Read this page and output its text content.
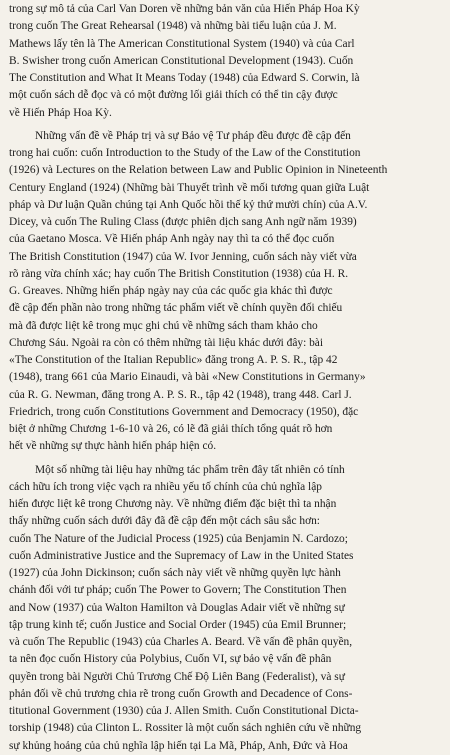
trong sự mô tả của Carl Van Doren về những bản văn của Hiến Pháp Hoa Kỳ
trong cuốn The Great Rehearsal (1948) và những bài tiểu luận của J. M.
Mathews lấy tên là The American Constitutional System (1940) và của Carl
B. Swisher trong cuốn American Constitutional Development (1943). Cuốn
The Constitution and What It Means Today (1948) của Edward S. Corwin, là
một cuốn sách dễ đọc và có một đường lối giải thích có thể tin cậy được
về Hiến Pháp Hoa Kỳ.

Những vấn đề về Pháp trị và sự Bảo vệ Tư pháp đều được đề cập đến
trong hai cuốn: cuốn Introduction to the Study of the Law of the Constitution
(1926) và Lectures on the Relation between Law and Public Opinion in Nineteenth
Century England (1924) (Những bài Thuyết trình về mối tương quan giữa Luật
pháp và Dư luận Quần chúng tại Anh Quốc hồi thế kỷ thứ mười chín) của A.V.
Dicey, và cuốn The Ruling Class (được phiên dịch sang Anh ngữ năm 1939)
của Gaetano Mosca. Về Hiến pháp Anh ngày nay thì ta có thể đọc cuốn
The British Constitution (1947) của W. Ivor Jenning, cuốn sách này viết vừa
rõ ràng vừa chính xác; hay cuốn The British Constitution (1938) của H. R.
G. Greaves. Những hiến pháp ngày nay của các quốc gia khác thì được
đề cập đến phần nào trong những tác phẩm viết về chính quyền đối chiếu
mà đã được liệt kê trong mục ghi chú về những sách tham khảo cho
Chương Sáu. Ngoài ra còn có thêm những tài liệu khác dưới đây: bài
«The Constitution of the Italian Republic» đăng trong A. P. S. R., tập 42
(1948), trang 661 của Mario Einaudi, và bài «New Constitutions in Germany»
của R. G. Newman, đăng trong A. P. S. R., tập 42 (1948), trang 448. Carl J.
Friedrich, trong cuốn Constitutions Government and Democracy (1950), đặc
biệt ở những Chương 1-6-10 và 26, có lẽ đã giải thích tổng quát rõ hơn
hết về những sự thực hành hiến pháp hiện có.

Một số những tài liệu hay những tác phẩm trên đây tất nhiên có tính
cách hữu ích trong việc vạch ra nhiều yếu tố chính của chủ nghĩa lập
hiến được liệt kê trong Chương này. Về những điểm đặc biệt thì ta nhận
thấy những cuốn sách dưới đây đã đề cập đến một cách sâu sắc hơn:
cuốn The Nature of the Judicial Process (1925) của Benjamin N. Cardozo;
cuốn Administrative Justice and the Supremacy of Law in the United States
(1927) của John Dickinson; cuốn sách này viết về những quyền lực hành
chánh đối với tư pháp; cuốn The Power to Govern; The Constitution Then
and Now (1937) của Walton Hamilton và Douglas Adair viết về những sự
tập trung kinh tế; cuốn Justice and Social Order (1945) của Emil Brunner;
và cuốn The Republic (1943) của Charles A. Beard. Về vấn đề phân quyền,
ta nên đọc cuốn History của Polybius, Cuốn VI, sự bảo vệ vấn đề phân
quyền trong bài Người Chủ Trương Chế Độ Liên Bang (Federalist), và sự
phản đối về chủ trương chia rẽ trong cuốn Growth and Decadence of Cons-
titutional Government (1930) của J. Allen Smith. Cuốn Constitutional Dicta-
torship (1948) của Clinton L. Rossiter là một cuốn sách nghiên cứu về những
sự khủng hoảng của chủ nghĩa lập hiến tại La Mã, Pháp, Anh, Đức và Hoa
